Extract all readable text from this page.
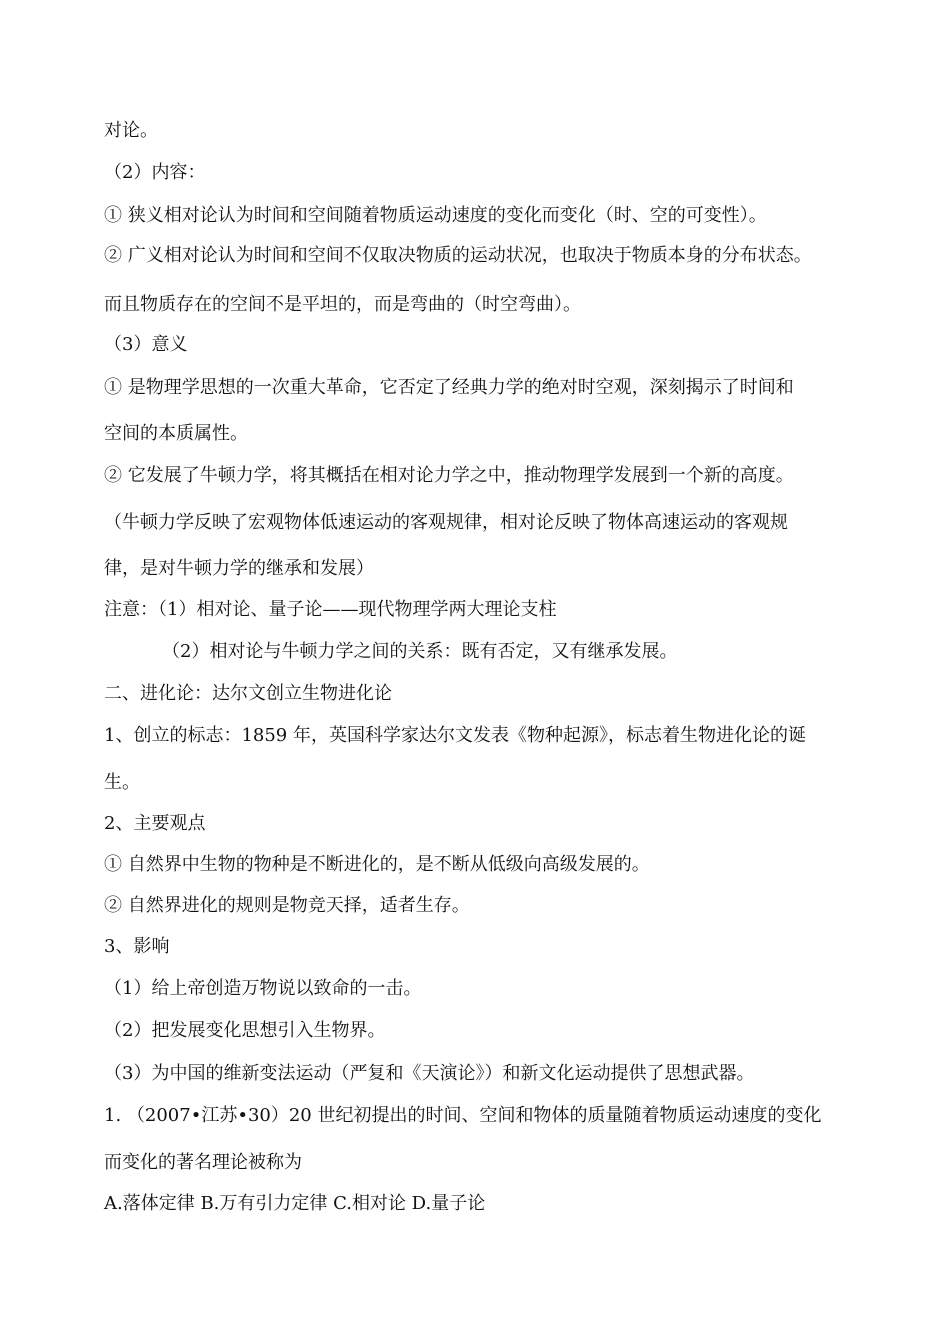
对论。
（2）内容：
① 狭义相对论认为时间和空间随着物质运动速度的变化而变化（时、空的可变性）。
② 广义相对论认为时间和空间不仅取决物质的运动状况，也取决于物质本身的分布状态。
而且物质存在的空间不是平坦的，而是弯曲的（时空弯曲）。
（3）意义
① 是物理学思想的一次重大革命，它否定了经典力学的绝对时空观，深刻揭示了时间和
空间的本质属性。
② 它发展了牛顿力学，将其概括在相对论力学之中，推动物理学发展到一个新的高度。
（牛顿力学反映了宏观物体低速运动的客观规律，相对论反映了物体高速运动的客观规
律，是对牛顿力学的继承和发展）
注意：（1）相对论、量子论——现代物理学两大理论支柱
（2）相对论与牛顿力学之间的关系：既有否定，又有继承发展。
二、进化论：达尔文创立生物进化论
1、创立的标志：1859 年，英国科学家达尔文发表《物种起源》，标志着生物进化论的诞
生。
2、主要观点
① 自然界中生物的物种是不断进化的，是不断从低级向高级发展的。
② 自然界进化的规则是物竞天择，适者生存。
3、影响
（1）给上帝创造万物说以致命的一击。
（2）把发展变化思想引入生物界。
（3）为中国的维新变法运动（严复和《天演论》）和新文化运动提供了思想武器。
1. （2007•江苏•30）20 世纪初提出的时间、空间和物体的质量随着物质运动速度的变化
而变化的著名理论被称为
A.落体定律 B.万有引力定律 C.相对论 D.量子论
